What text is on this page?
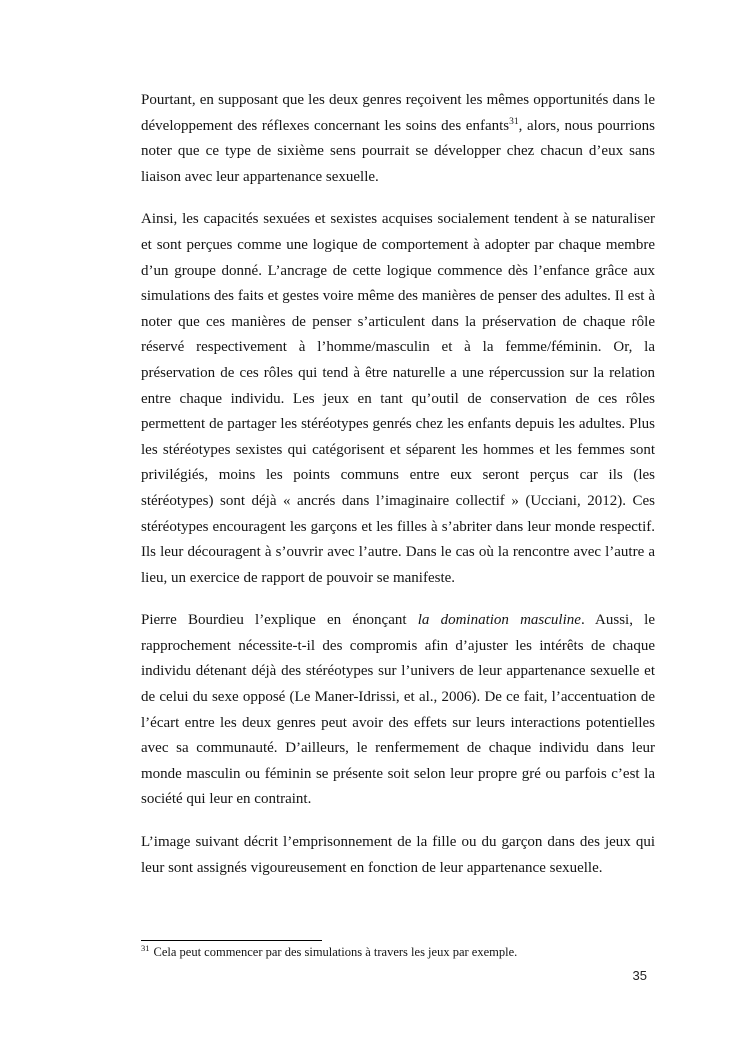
Pourtant, en supposant que les deux genres reçoivent les mêmes opportunités dans le développement des réflexes concernant les soins des enfants$^{31}$, alors, nous pourrions noter que ce type de sixième sens pourrait se développer chez chacun d’eux sans liaison avec leur appartenance sexuelle.

Ainsi, les capacités sexuées et sexistes acquises socialement tendent à se naturaliser et sont perçues comme une logique de comportement à adopter par chaque membre d’un groupe donné. L’ancrage de cette logique commence dès l’enfance grâce aux simulations des faits et gestes voire même des manières de penser des adultes. Il est à noter que ces manières de penser s’articulent dans la préservation de chaque rôle réservé respectivement à l’homme/masculin et à la femme/féminin. Or, la préservation de ces rôles qui tend à être naturelle a une répercussion sur la relation entre chaque individu. Les jeux en tant qu’outil de conservation de ces rôles permettent de partager les stéréotypes genrés chez les enfants depuis les adultes. Plus les stéréotypes sexistes qui catégorisent et séparent les hommes et les femmes sont privilégiés, moins les points communs entre eux seront perçus car ils (les stéréotypes) sont déjà « ancrés dans l’imaginaire collectif » (Ucciani, 2012). Ces stéréotypes encouragent les garçons et les filles à s’abriter dans leur monde respectif. Ils leur découragent à s’ouvrir avec l’autre. Dans le cas où la rencontre avec l’autre a lieu, un exercice de rapport de pouvoir se manifeste.

Pierre Bourdieu l’explique en énonçant la domination masculine. Aussi, le rapprochement nécessite-t-il des compromis afin d’ajuster les intérêts de chaque individu détenant déjà des stéréotypes sur l’univers de leur appartenance sexuelle et de celui du sexe opposé (Le Maner-Idrissi, et al., 2006). De ce fait, l’accentuation de l’écart entre les deux genres peut avoir des effets sur leurs interactions potentielles avec sa communauté. D’ailleurs, le renfermement de chaque individu dans leur monde masculin ou féminin se présente soit selon leur propre gré ou parfois c’est la société qui leur en contraint.

L’image suivant décrit l’emprisonnement de la fille ou du garçon dans des jeux qui leur sont assignés vigoureusement en fonction de leur appartenance sexuelle.

$^{31}$ Cela peut commencer par des simulations à travers les jeux par exemple.

35
